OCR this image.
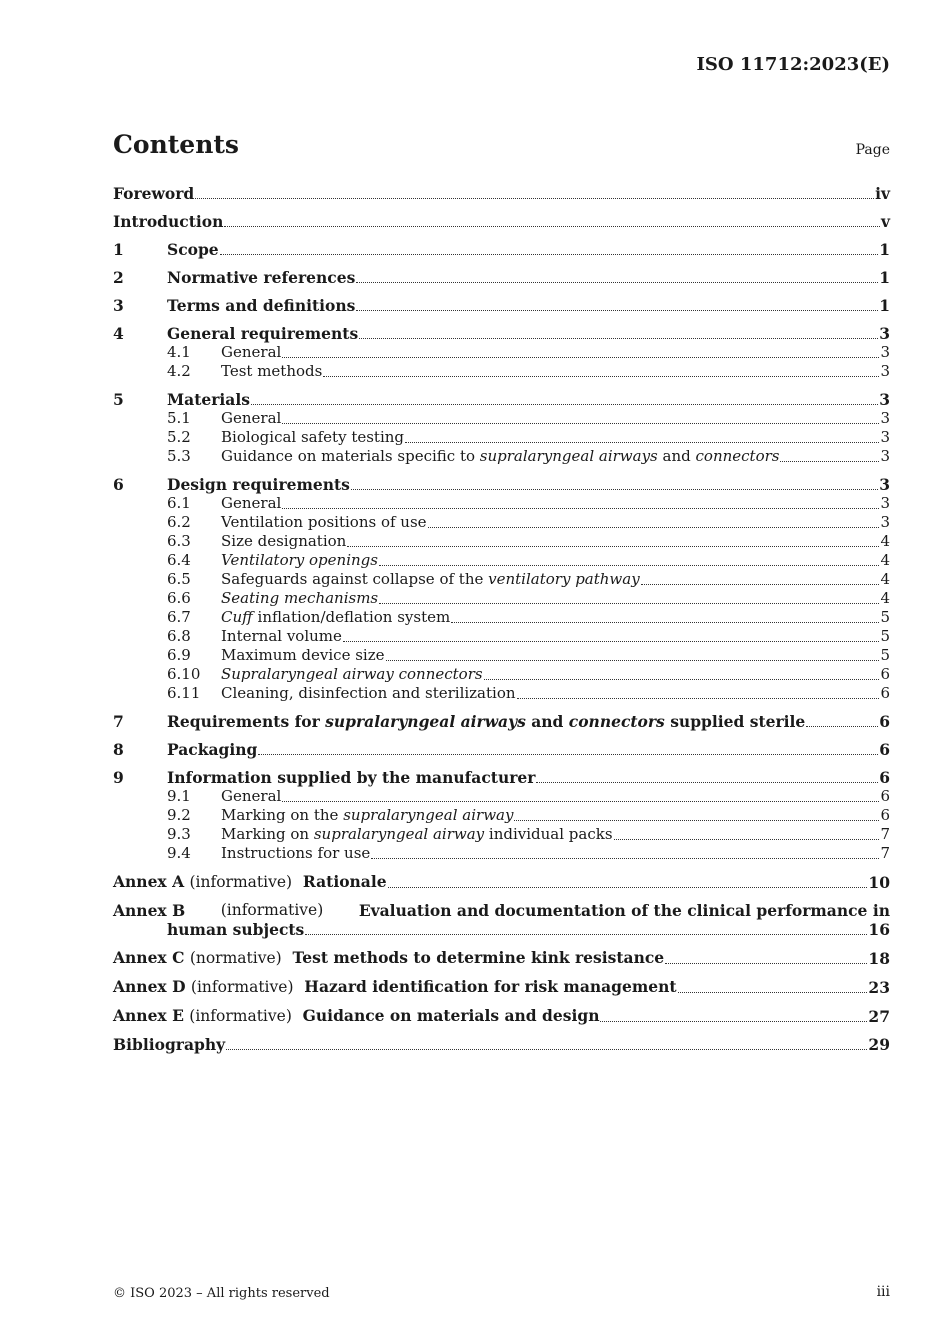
ISO 11712:2023(E)
Contents	Page
Foreword	iv
Introduction	v
1	Scope	1
2	Normative references	1
3	Terms and definitions	1
4	General requirements	3
4.1	General	3
4.2	Test methods	3
5	Materials	3
5.1	General	3
5.2	Biological safety testing	3
5.3	Guidance on materials specific to supralaryngeal airways and connectors	3
6	Design requirements	3
6.1	General	3
6.2	Ventilation positions of use	3
6.3	Size designation	4
6.4	Ventilatory openings	4
6.5	Safeguards against collapse of the ventilatory pathway	4
6.6	Seating mechanisms	4
6.7	Cuff inflation/deflation system	5
6.8	Internal volume	5
6.9	Maximum device size	5
6.10	Supralaryngeal airway connectors	6
6.11	Cleaning, disinfection and sterilization	6
7	Requirements for supralaryngeal airways and connectors supplied sterile	6
8	Packaging	6
9	Information supplied by the manufacturer	6
9.1	General	6
9.2	Marking on the supralaryngeal airway	6
9.3	Marking on supralaryngeal airway individual packs	7
9.4	Instructions for use	7
Annex A (informative) Rationale	10
Annex B (informative) Evaluation and documentation of the clinical performance in
human subjects	16
Annex C (normative) Test methods to determine kink resistance	18
Annex D (informative) Hazard identification for risk management	23
Annex E (informative) Guidance on materials and design	27
Bibliography	29
© ISO 2023 – All rights reserved	iii
